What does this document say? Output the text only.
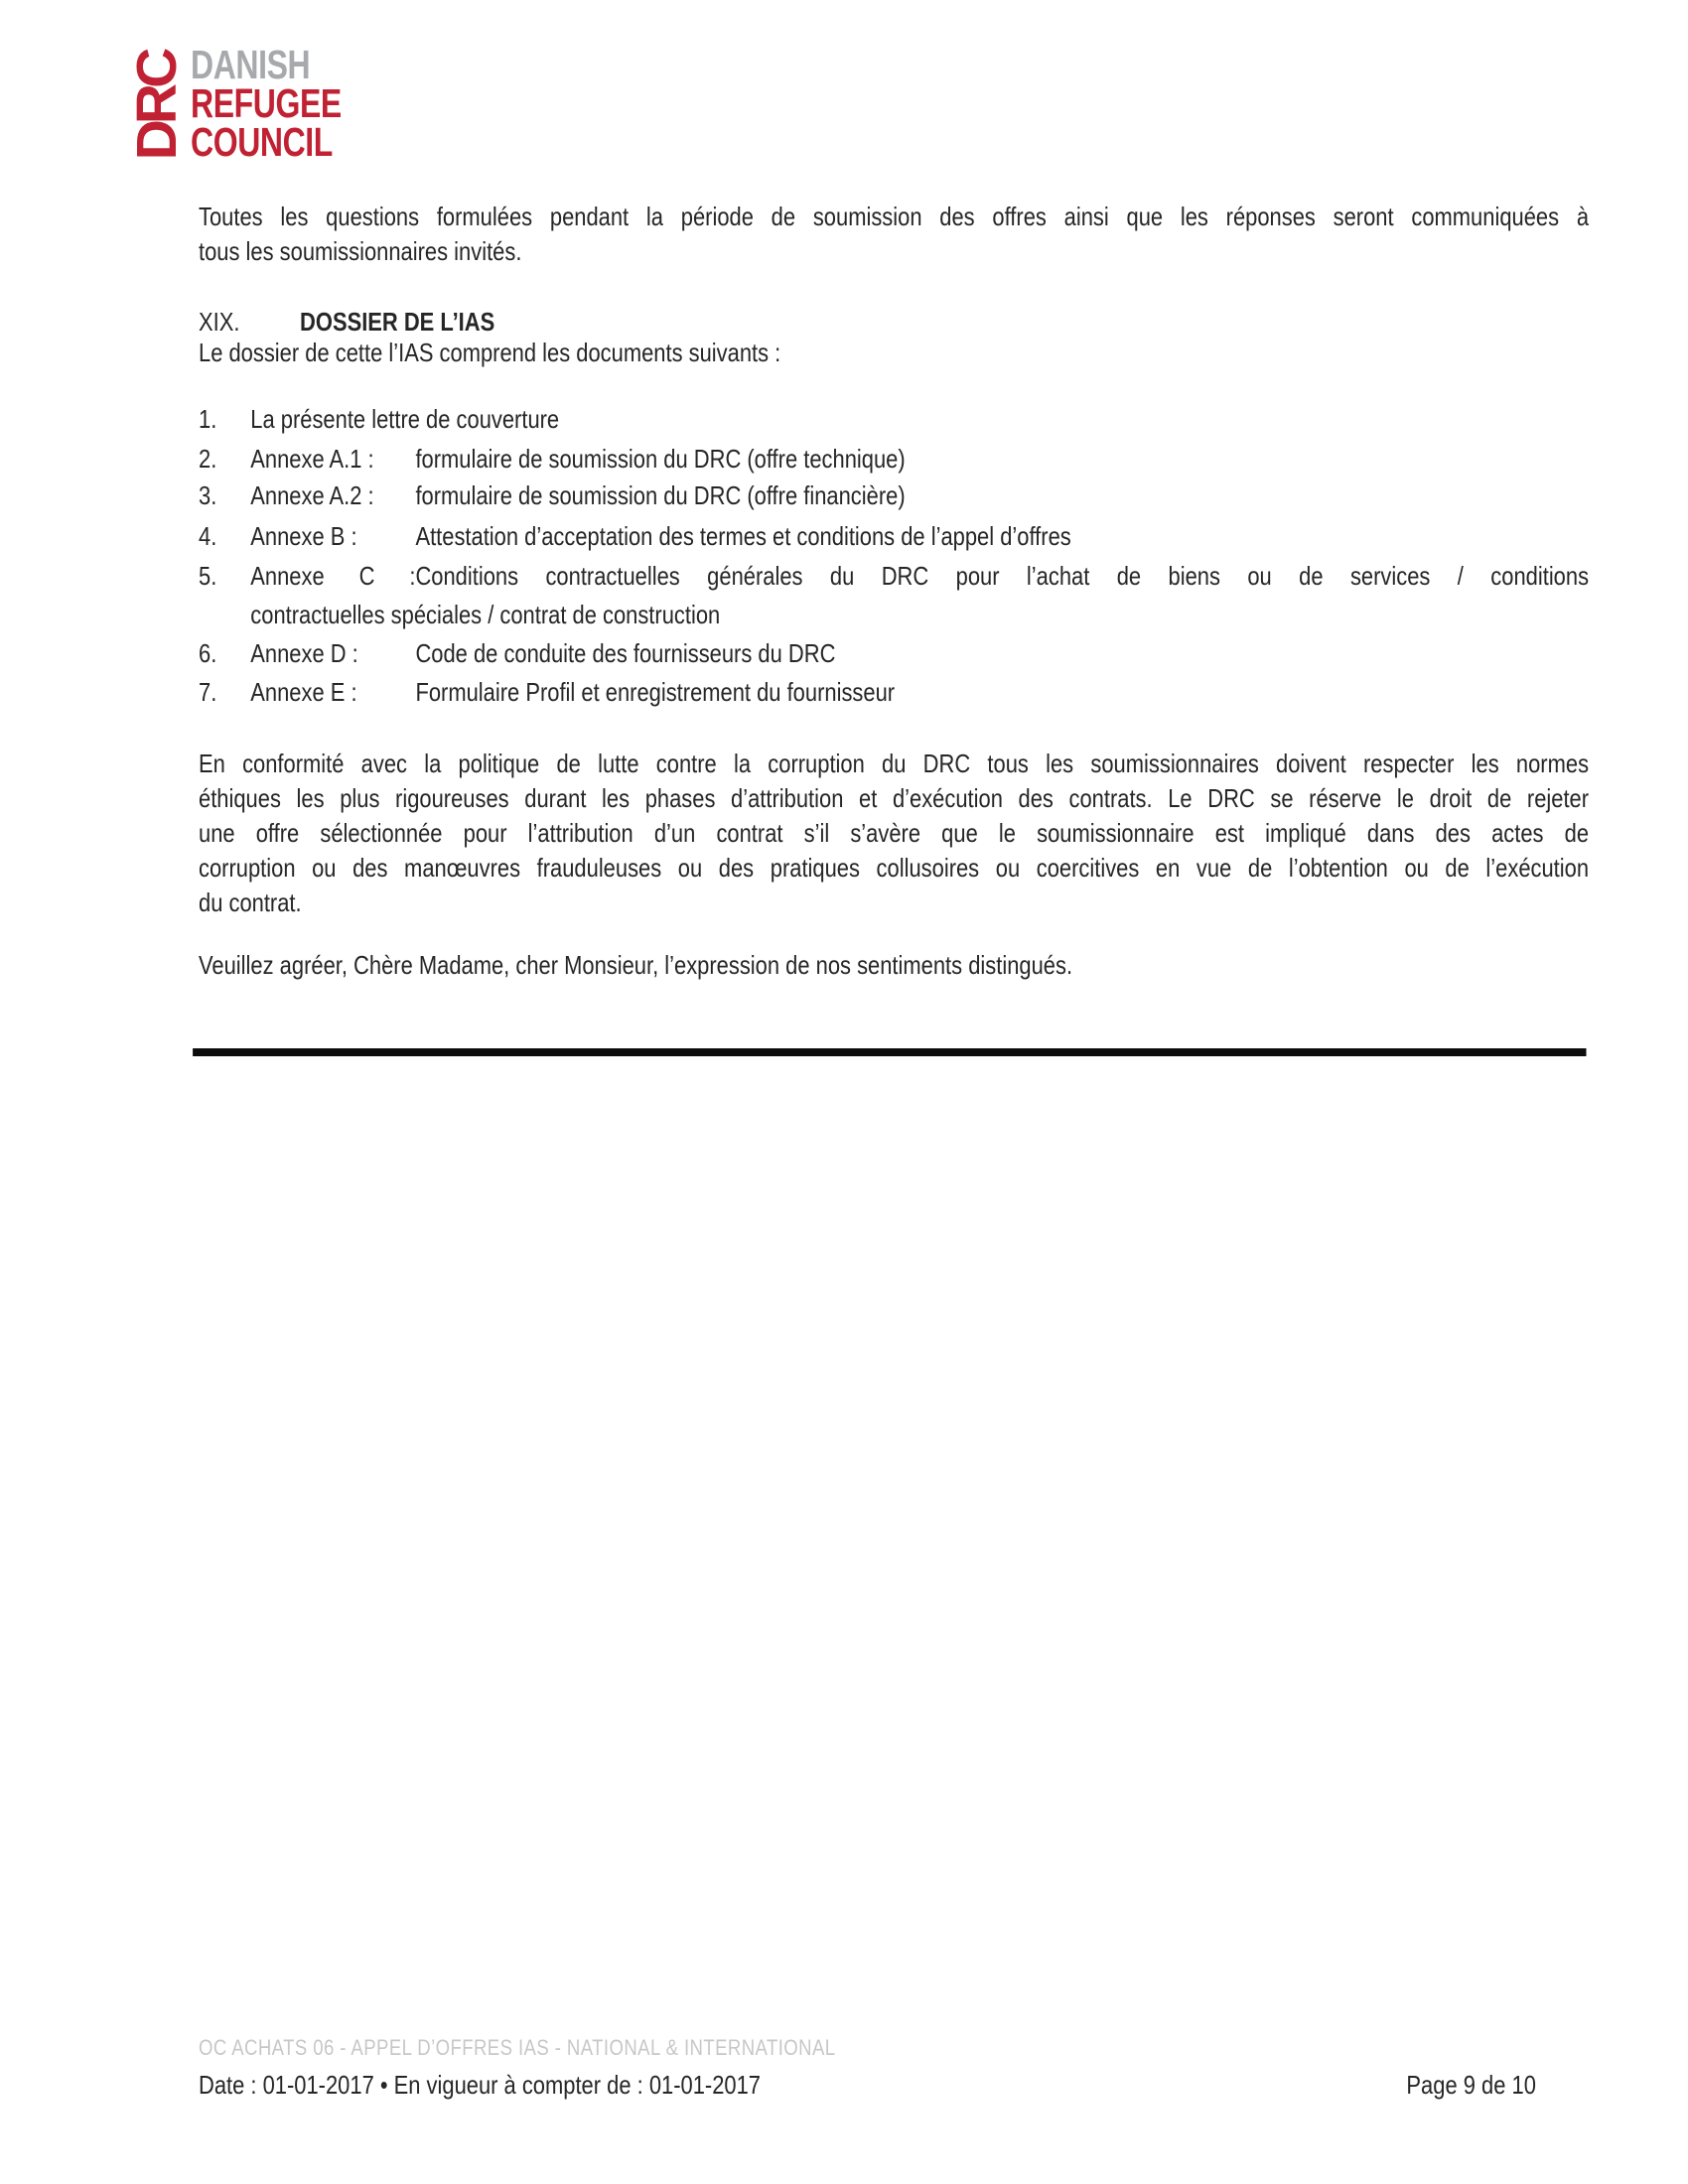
DRC DANISH
REFUGEE
COUNCIL
Toutes les questions formulées pendant la période de soumission des offres ainsi que les réponses seront communiquées à
tous les soumissionnaires invités.
XIX. DOSSIER DE L’IAS
Le dossier de cette l’IAS comprend les documents suivants :
1. La présente lettre de couverture
2. Annexe A.1 : formulaire de soumission du DRC (offre technique)
3. Annexe A.2 : formulaire de soumission du DRC (offre financière)
4. Annexe B : Attestation d’acceptation des termes et conditions de l’appel d’offres
5. Annexe C :Conditions contractuelles générales du DRC pour l’achat de biens ou de services / conditions
contractuelles spéciales / contrat de construction
6. Annexe D : Code de conduite des fournisseurs du DRC
7. Annexe E : Formulaire Profil et enregistrement du fournisseur
En conformité avec la politique de lutte contre la corruption du DRC tous les soumissionnaires doivent respecter les normes
éthiques les plus rigoureuses durant les phases d’attribution et d’exécution des contrats. Le DRC se réserve le droit de rejeter
une offre sélectionnée pour l’attribution d’un contrat s’il s’avère que le soumissionnaire est impliqué dans des actes de
corruption ou des manœuvres frauduleuses ou des pratiques collusoires ou coercitives en vue de l’obtention ou de l’exécution
du contrat.
Veuillez agréer, Chère Madame, cher Monsieur, l’expression de nos sentiments distingués.
OC ACHATS 06 - APPEL D’OFFRES IAS - NATIONAL & INTERNATIONAL
Date : 01-01-2017 • En vigueur à compter de : 01-01-2017	Page 9 de 10
